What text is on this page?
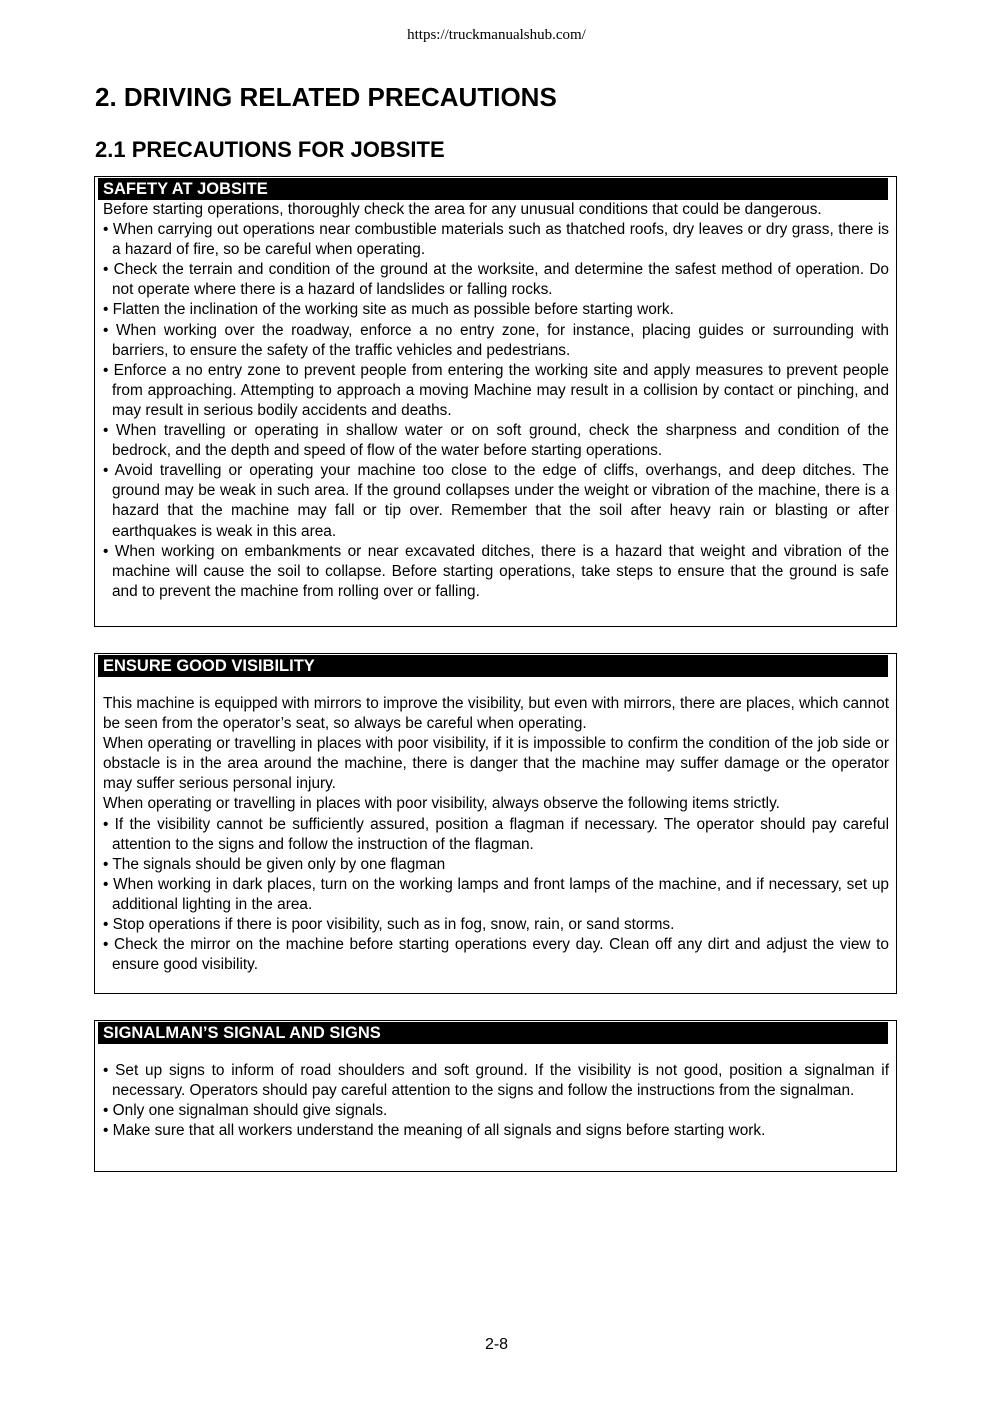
https://truckmanualshub.com/
2. DRIVING RELATED PRECAUTIONS
2.1 PRECAUTIONS FOR JOBSITE
SAFETY AT JOBSITE

Before starting operations, thoroughly check the area for any unusual conditions that could be dangerous.

• When carrying out operations near combustible materials such as thatched roofs, dry leaves or dry grass, there is a hazard of fire, so be careful when operating.

• Check the terrain and condition of the ground at the worksite, and determine the safest method of operation. Do not operate where there is a hazard of landslides or falling rocks.

• Flatten the inclination of the working site as much as possible before starting work.

• When working over the roadway, enforce a no entry zone, for instance, placing guides or surrounding with barriers, to ensure the safety of the traffic vehicles and pedestrians.

• Enforce a no entry zone to prevent people from entering the working site and apply measures to prevent people from approaching. Attempting to approach a moving Machine may result in a collision by contact or pinching, and may result in serious bodily accidents and deaths.

• When travelling or operating in shallow water or on soft ground, check the sharpness and condition of the bedrock, and the depth and speed of flow of the water before starting operations.

• Avoid travelling or operating your machine too close to the edge of cliffs, overhangs, and deep ditches. The ground may be weak in such area. If the ground collapses under the weight or vibration of the machine, there is a hazard that the machine may fall or tip over. Remember that the soil after heavy rain or blasting or after earthquakes is weak in this area.

• When working on embankments or near excavated ditches, there is a hazard that weight and vibration of the machine will cause the soil to collapse. Before starting operations, take steps to ensure that the ground is safe and to prevent the machine from rolling over or falling.

ENSURE GOOD VISIBILITY

This machine is equipped with mirrors to improve the visibility, but even with mirrors, there are places, which cannot be seen from the operator’s seat, so always be careful when operating.

When operating or travelling in places with poor visibility, if it is impossible to confirm the condition of the job side or obstacle is in the area around the machine, there is danger that the machine may suffer damage or the operator may suffer serious personal injury.

When operating or travelling in places with poor visibility, always observe the following items strictly.

• If the visibility cannot be sufficiently assured, position a flagman if necessary. The operator should pay careful attention to the signs and follow the instruction of the flagman.

• The signals should be given only by one flagman

• When working in dark places, turn on the working lamps and front lamps of the machine, and if necessary, set up additional lighting in the area.

• Stop operations if there is poor visibility, such as in fog, snow, rain, or sand storms.

• Check the mirror on the machine before starting operations every day. Clean off any dirt and adjust the view to ensure good visibility.

SIGNALMAN’S SIGNAL AND SIGNS

• Set up signs to inform of road shoulders and soft ground. If the visibility is not good, position a signalman if necessary. Operators should pay careful attention to the signs and follow the instructions from the signalman.

• Only one signalman should give signals.

• Make sure that all workers understand the meaning of all signals and signs before starting work.

2-8
